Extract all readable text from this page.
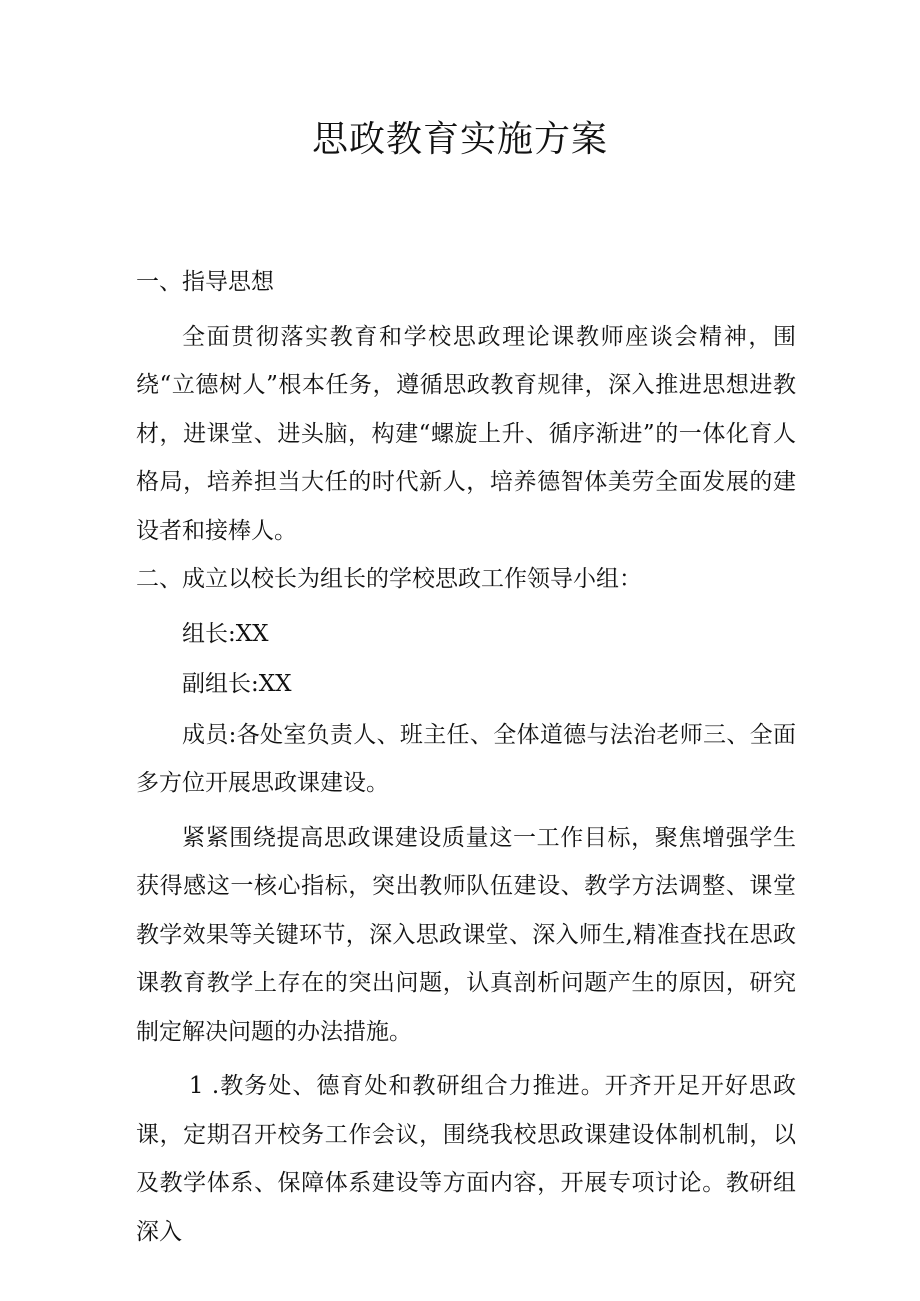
思政教育实施方案

一、指导思想

全面贯彻落实教育和学校思政理论课教师座谈会精神，围绕“立德树人”根本任务，遵循思政教育规律，深入推进思想进教材，进课堂、进头脑，构建“螺旋上升、循序渐进”的一体化育人格局，培养担当大任的时代新人，培养德智体美劳全面发展的建设者和接棒人。

二、成立以校长为组长的学校思政工作领导小组：

组长:XX

副组长:XX

成员:各处室负责人、班主任、全体道德与法治老师三、全面多方位开展思政课建设。

紧紧围绕提高思政课建设质量这一工作目标，聚焦增强学生获得感这一核心指标，突出教师队伍建设、教学方法调整、课堂教学效果等关键环节，深入思政课堂、深入师生,精准查找在思政课教育教学上存在的突出问题，认真剖析问题产生的原因，研究制定解决问题的办法措施。

1 .教务处、德育处和教研组合力推进。开齐开足开好思政课，定期召开校务工作会议，围绕我校思政课建设体制机制，以及教学体系、保障体系建设等方面内容，开展专项讨论。教研组深入
